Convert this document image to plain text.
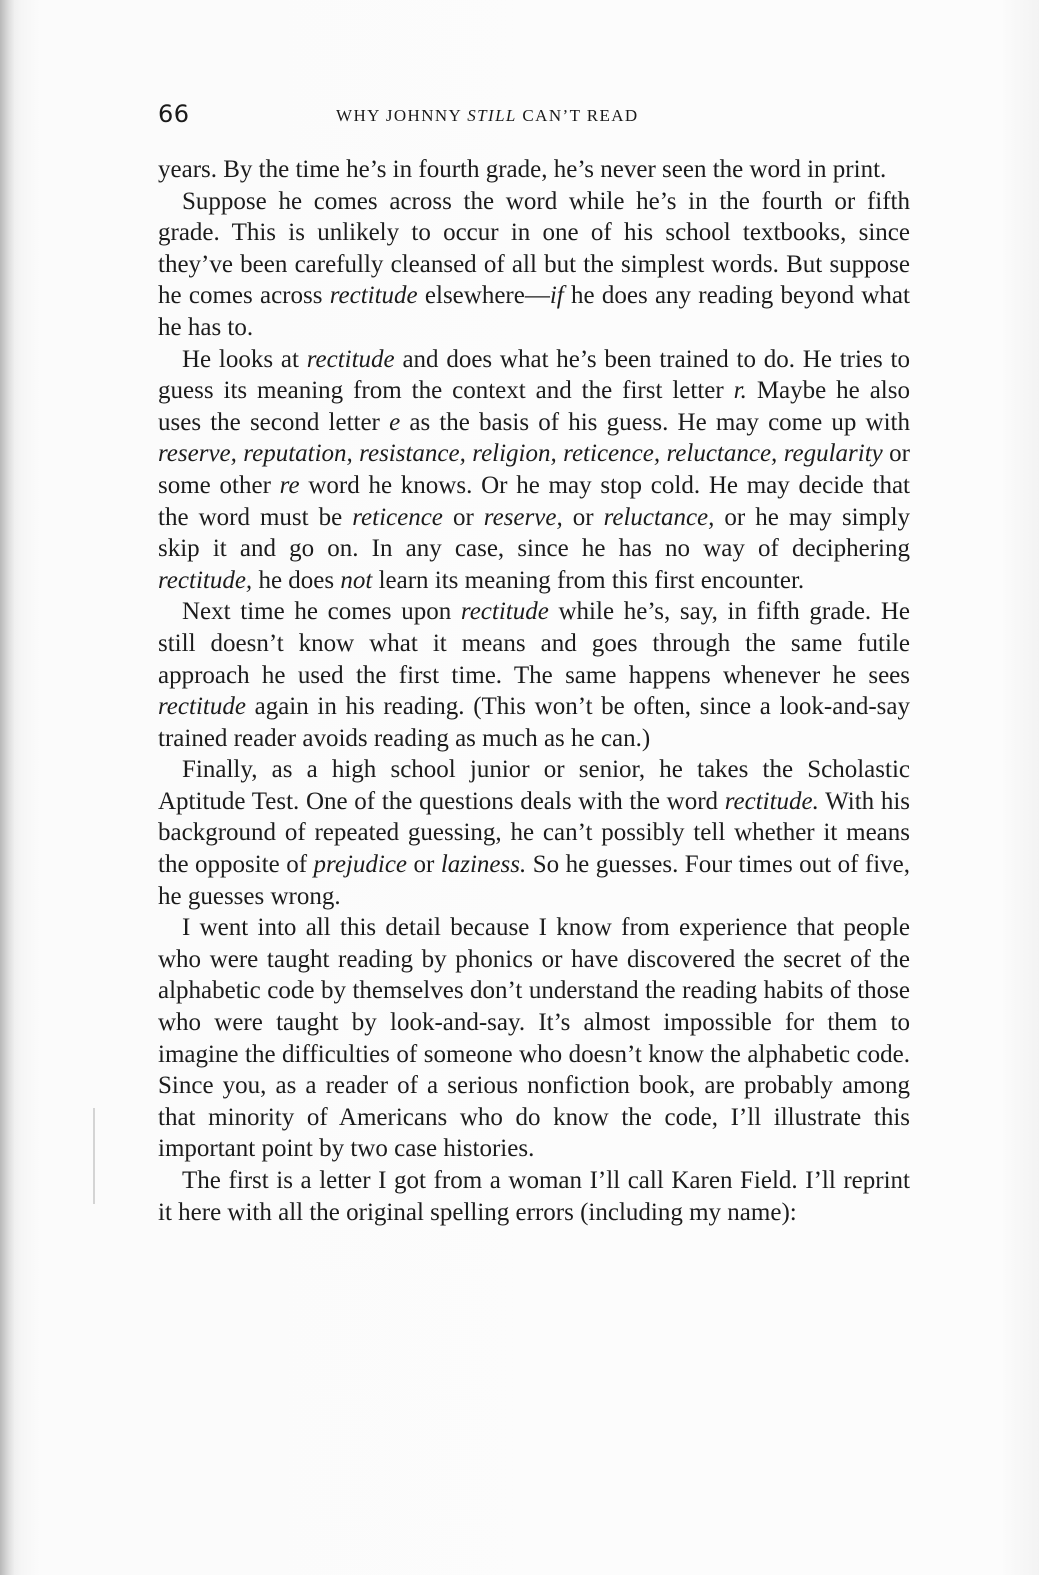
66	WHY JOHNNY STILL CAN’T READ

years. By the time he’s in fourth grade, he’s never seen the word in print.

Suppose he comes across the word while he’s in the fourth or fifth grade. This is unlikely to occur in one of his school textbooks, since they’ve been carefully cleansed of all but the simplest words. But suppose he comes across rectitude elsewhere—if he does any reading beyond what he has to.

He looks at rectitude and does what he’s been trained to do. He tries to guess its meaning from the context and the first letter r. Maybe he also uses the second letter e as the basis of his guess. He may come up with reserve, reputation, resistance, religion, reticence, reluctance, regularity or some other re word he knows. Or he may stop cold. He may decide that the word must be reticence or reserve, or reluctance, or he may simply skip it and go on. In any case, since he has no way of deciphering rectitude, he does not learn its meaning from this first encounter.

Next time he comes upon rectitude while he’s, say, in fifth grade. He still doesn’t know what it means and goes through the same futile approach he used the first time. The same happens whenever he sees rectitude again in his reading. (This won’t be often, since a look-and-say trained reader avoids reading as much as he can.)

Finally, as a high school junior or senior, he takes the Scholastic Aptitude Test. One of the questions deals with the word rectitude. With his background of repeated guessing, he can’t possibly tell whether it means the opposite of prejudice or laziness. So he guesses. Four times out of five, he guesses wrong.

I went into all this detail because I know from experience that people who were taught reading by phonics or have discovered the secret of the alphabetic code by themselves don’t understand the reading habits of those who were taught by look-and-say. It’s almost impossible for them to imagine the difficulties of someone who doesn’t know the alphabetic code. Since you, as a reader of a serious nonfiction book, are probably among that minority of Americans who do know the code, I’ll illustrate this important point by two case histories.

The first is a letter I got from a woman I’ll call Karen Field. I’ll reprint it here with all the original spelling errors (including my name):
